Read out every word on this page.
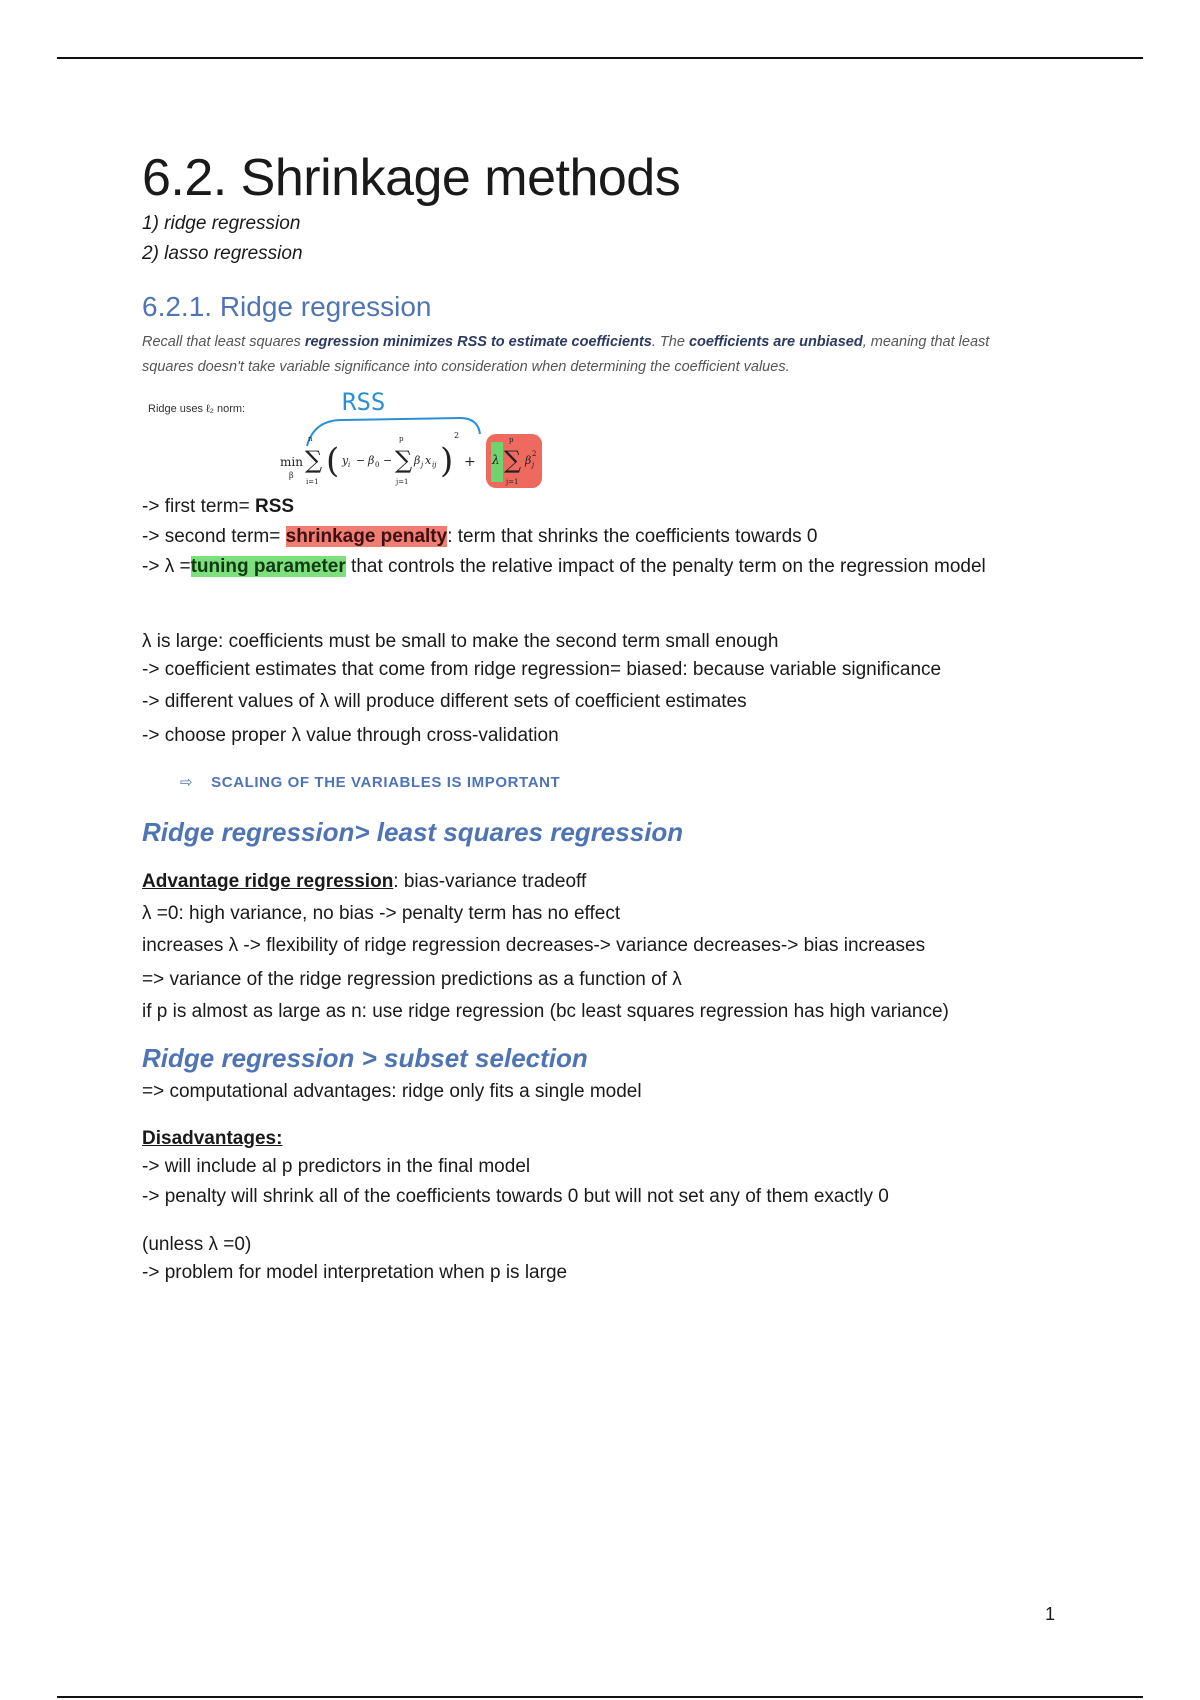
6.2. Shrinkage methods
1) ridge regression
2) lasso regression
6.2.1. Ridge regression
Recall that least squares regression minimizes RSS to estimate coefficients. The coefficients are unbiased, meaning that least squares doesn't take variable significance into consideration when determining the coefficient values.
Ridge uses ℓ₂ norm:	RSS
min
β
n
∑
i=1
( y i − β 0 −
p
∑
j=1
β j x ij )
2
+ λ
p
∑
j=1
β j
2
-> first term= RSS
-> second term= shrinkage penalty: term that shrinks the coefficients towards 0
-> λ =tuning parameter that controls the relative impact of the penalty term on the regression model
λ is large: coefficients must be small to make the second term small enough
-> coefficient estimates that come from ridge regression= biased: because variable significance
-> different values of λ will produce different sets of coefficient estimates
-> choose proper λ value through cross-validation
⇨ SCALING OF THE VARIABLES IS IMPORTANT
Ridge regression> least squares regression
Advantage ridge regression: bias-variance tradeoff
λ =0: high variance, no bias -> penalty term has no effect
increases λ -> flexibility of ridge regression decreases-> variance decreases-> bias increases
=> variance of the ridge regression predictions as a function of λ
if p is almost as large as n: use ridge regression (bc least squares regression has high variance)
Ridge regression > subset selection
=> computational advantages: ridge only fits a single model
Disadvantages:
-> will include al p predictors in the final model
-> penalty will shrink all of the coefficients towards 0 but will not set any of them exactly 0
(unless λ =0)
-> problem for model interpretation when p is large
1
